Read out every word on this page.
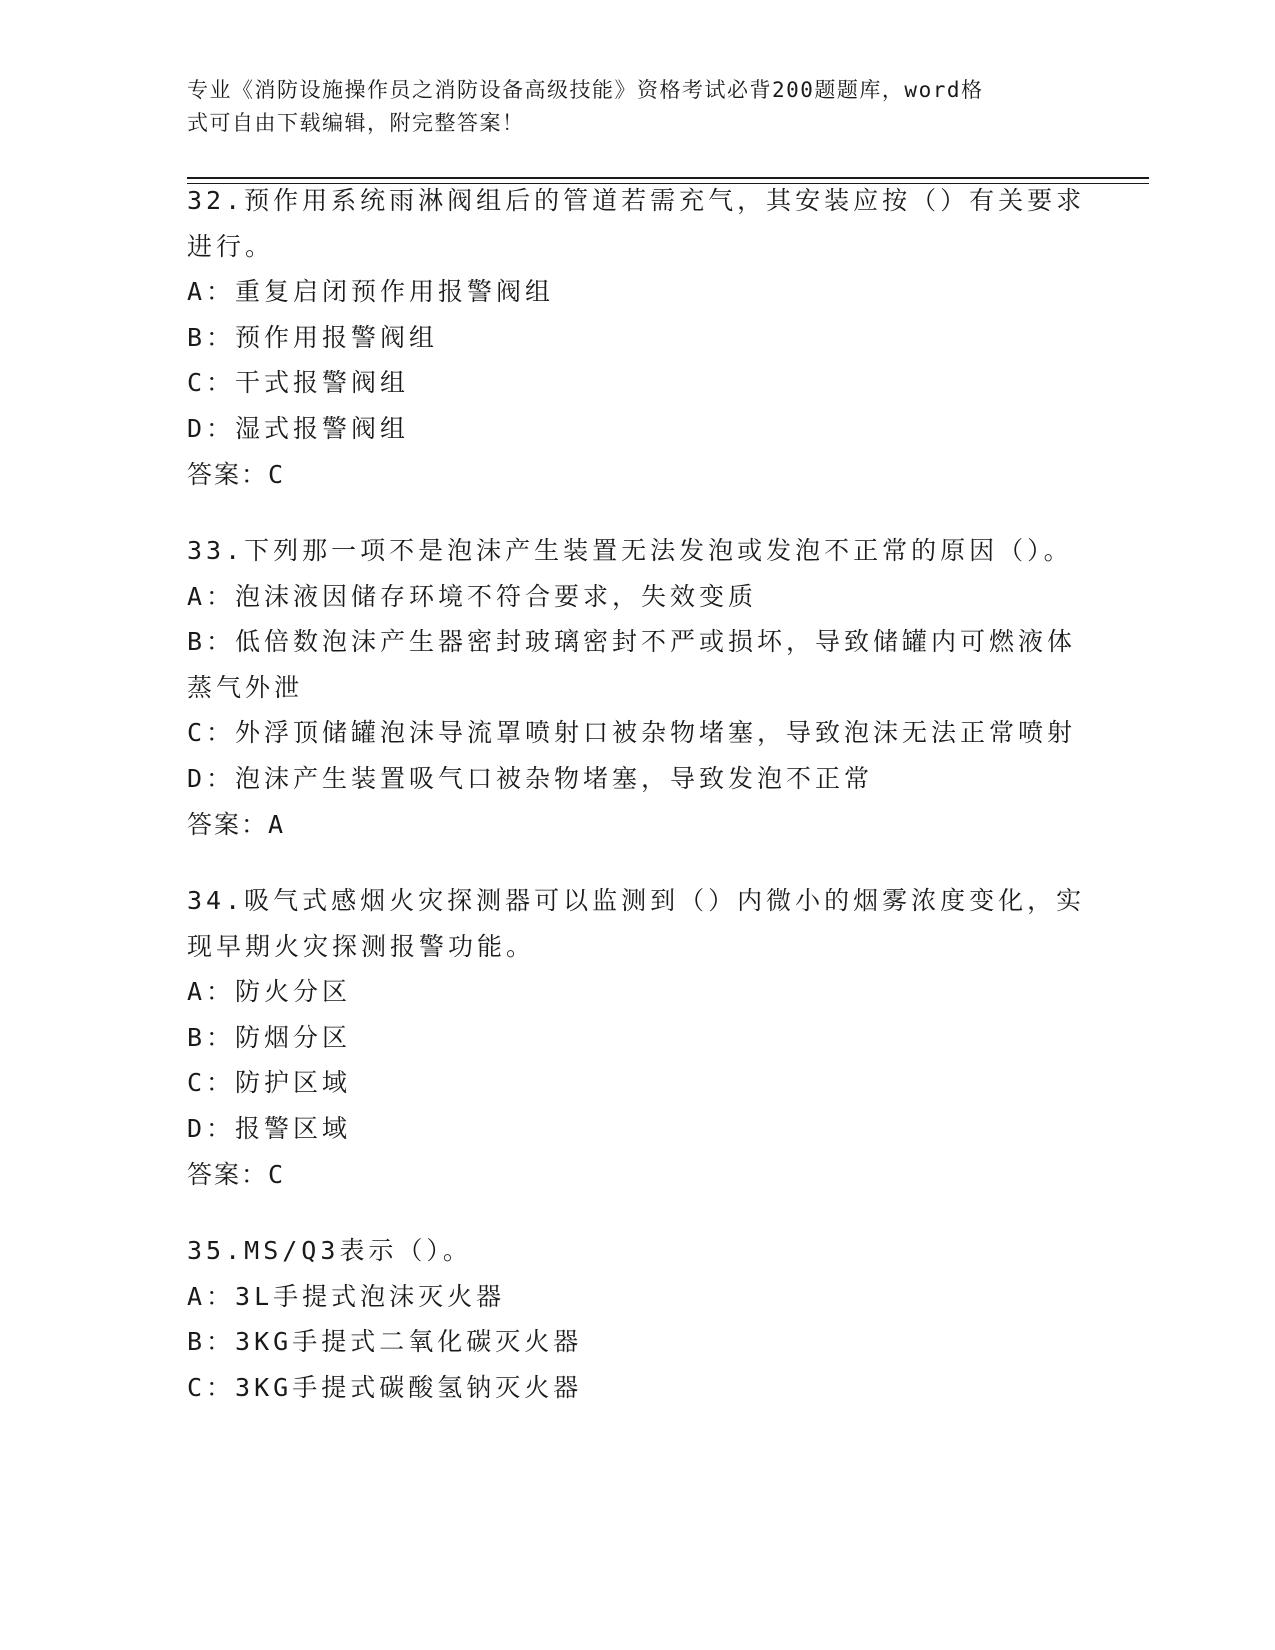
专业《消防设施操作员之消防设备高级技能》资格考试必背200题题库，word格
式可自由下载编辑，附完整答案！
32.预作用系统雨淋阀组后的管道若需充气，其安装应按（）有关要求
进行。
A：重复启闭预作用报警阀组
B：预作用报警阀组
C：干式报警阀组
D：湿式报警阀组
答案：C
33.下列那一项不是泡沫产生装置无法发泡或发泡不正常的原因（）。
A：泡沫液因储存环境不符合要求，失效变质
B：低倍数泡沫产生器密封玻璃密封不严或损坏，导致储罐内可燃液体
蒸气外泄
C：外浮顶储罐泡沫导流罩喷射口被杂物堵塞，导致泡沫无法正常喷射
D：泡沫产生装置吸气口被杂物堵塞，导致发泡不正常
答案：A
34.吸气式感烟火灾探测器可以监测到（）内微小的烟雾浓度变化，实
现早期火灾探测报警功能。
A：防火分区
B：防烟分区
C：防护区域
D：报警区域
答案：C
35.MS/Q3表示（）。
A：3L手提式泡沫灭火器
B：3KG手提式二氧化碳灭火器
C：3KG手提式碳酸氢钠灭火器
